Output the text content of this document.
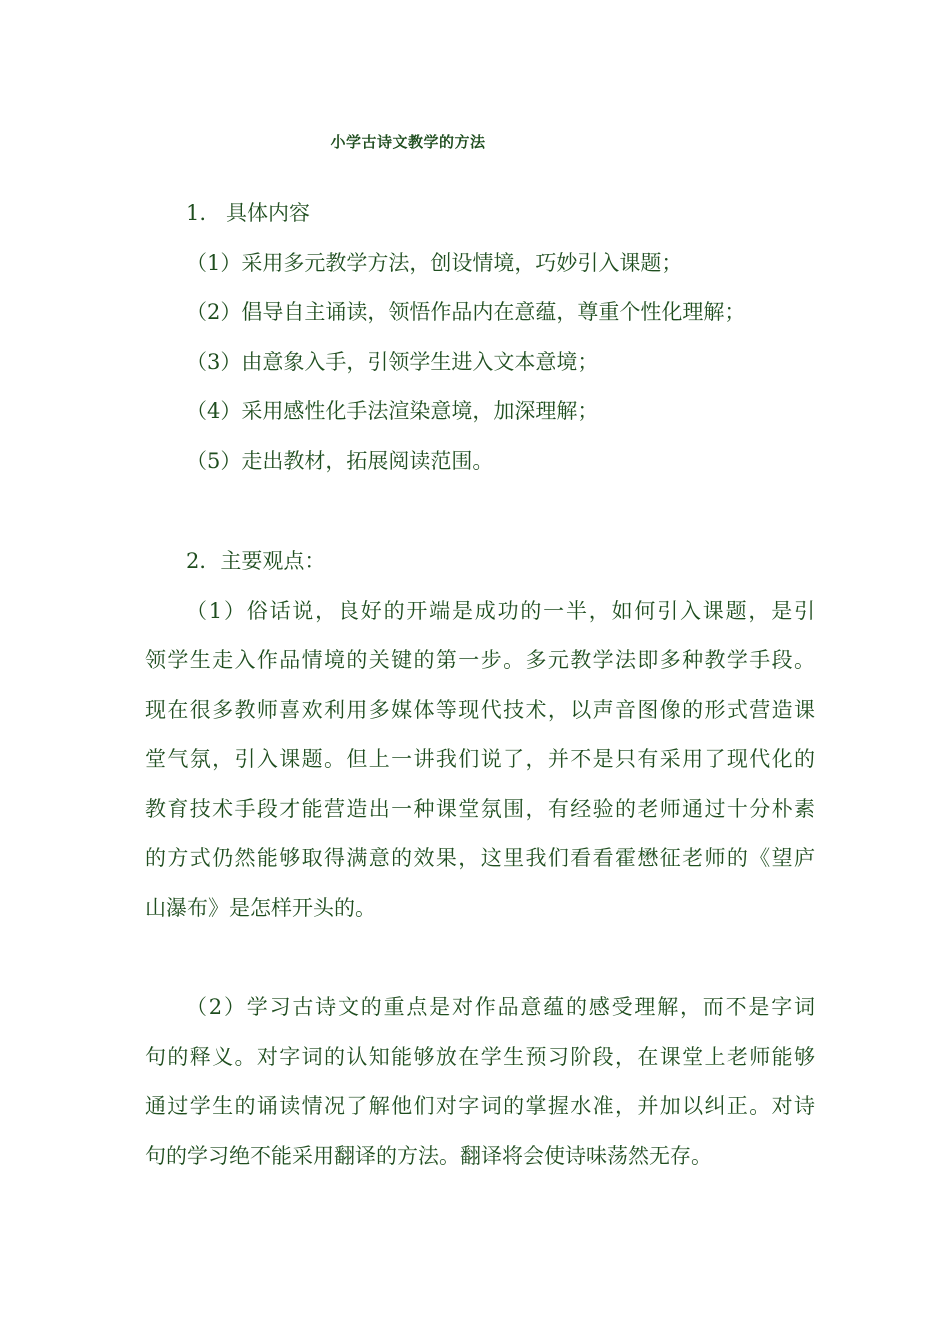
小学古诗文教学的方法
1. 具体内容
（1）采用多元教学方法，创设情境，巧妙引入课题；
（2）倡导自主诵读，领悟作品内在意蕴，尊重个性化理解；
（3）由意象入手，引领学生进入文本意境；
（4）采用感性化手法渲染意境，加深理解；
（5）走出教材，拓展阅读范围。
2．主要观点：
（1）俗话说，良好的开端是成功的一半，如何引入课题，是引
领学生走入作品情境的关键的第一步。多元教学法即多种教学手段。
现在很多教师喜欢利用多媒体等现代技术，以声音图像的形式营造课
堂气氛，引入课题。但上一讲我们说了，并不是只有采用了现代化的
教育技术手段才能营造出一种课堂氛围，有经验的老师通过十分朴素
的方式仍然能够取得满意的效果，这里我们看看霍懋征老师的《望庐
山瀑布》是怎样开头的。
（2）学习古诗文的重点是对作品意蕴的感受理解，而不是字词
句的释义。对字词的认知能够放在学生预习阶段，在课堂上老师能够
通过学生的诵读情况了解他们对字词的掌握水准，并加以纠正。对诗
句的学习绝不能采用翻译的方法。翻译将会使诗味荡然无存。
